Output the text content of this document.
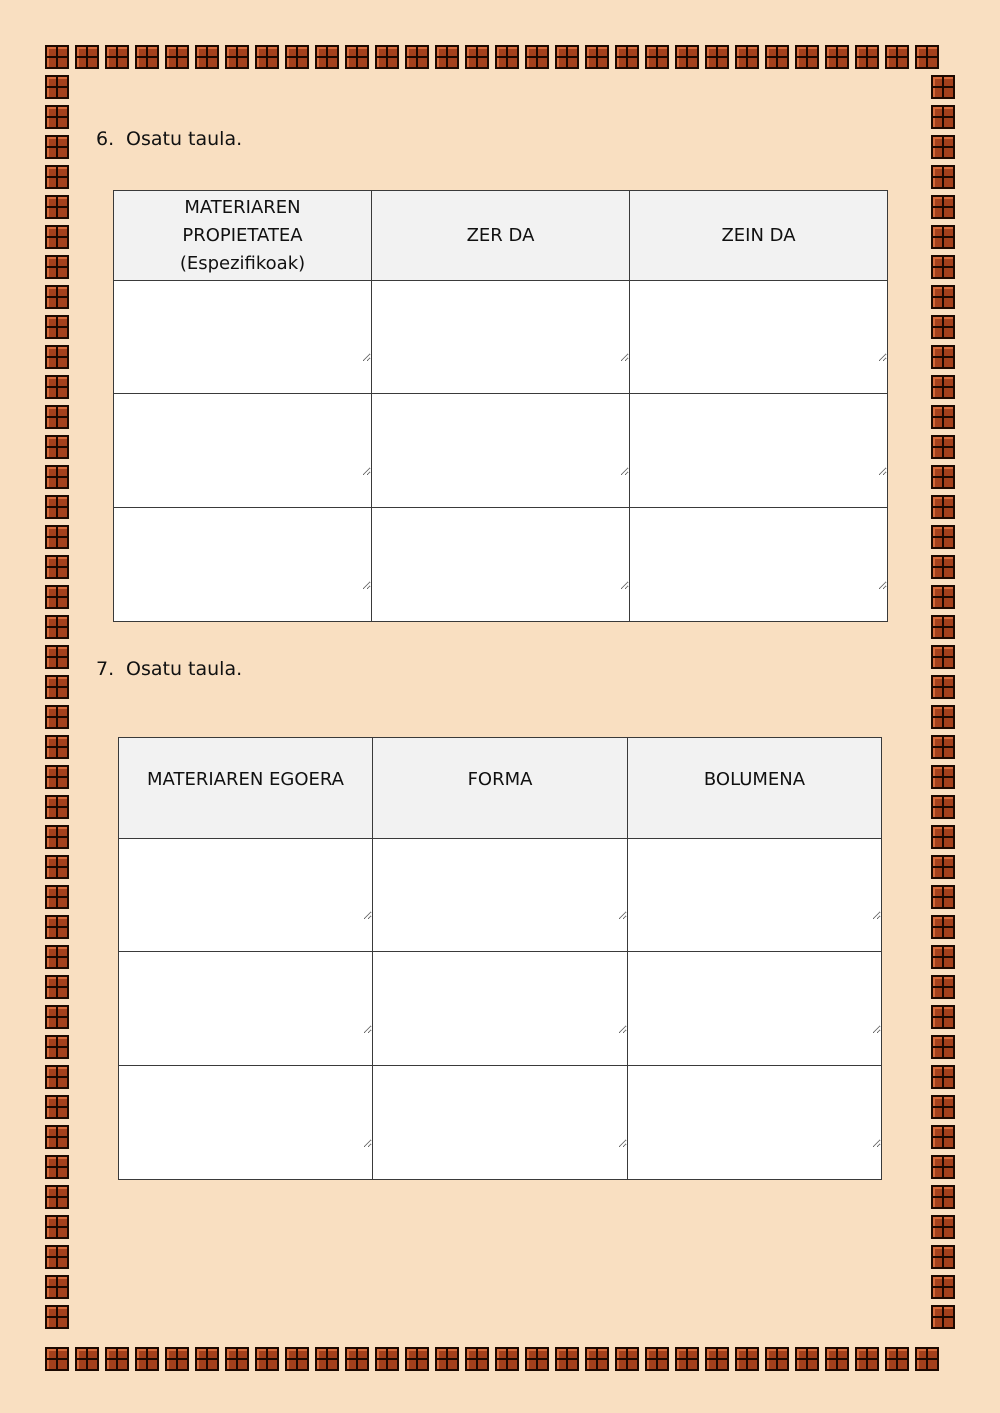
6. Osatu taula.
MATERIAREN
PROPIETATEA
(Espezifikoak)	ZER DA	ZEIN DA

7. Osatu taula.
MATERIAREN EGOERA	FORMA	BOLUMENA
